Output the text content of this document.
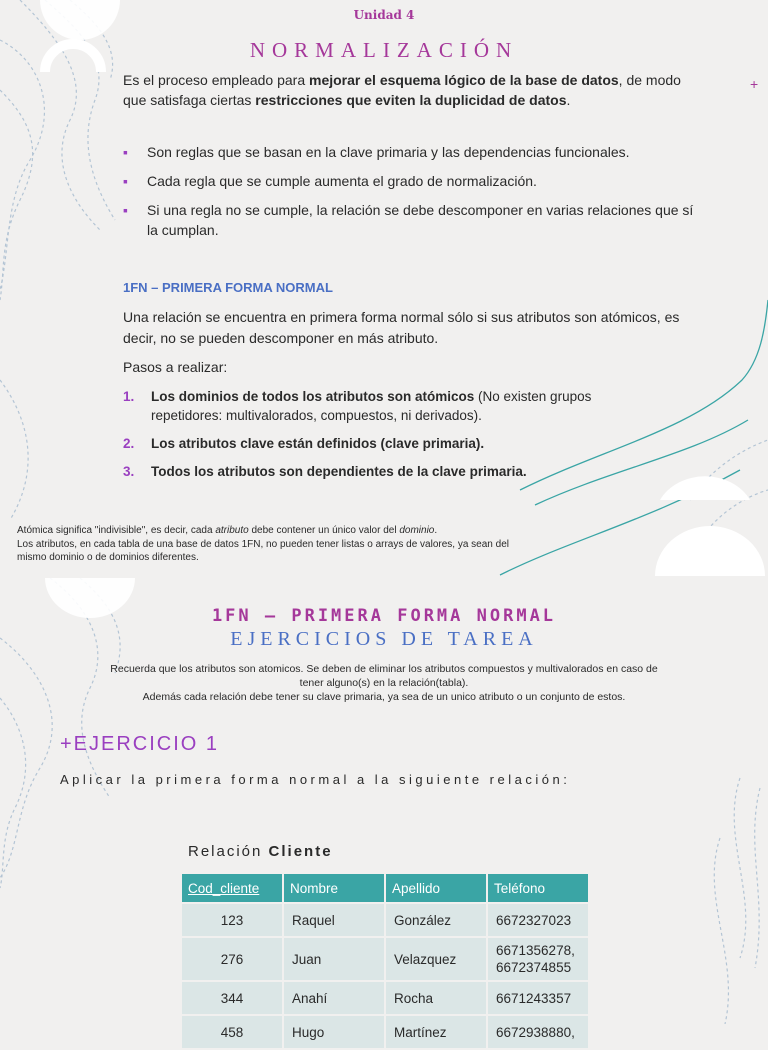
Unidad 4
NORMALIZACIÓN
+
Es el proceso empleado para mejorar el esquema lógico de la base de datos, de modo que satisfaga ciertas restricciones que eviten la duplicidad de datos.
▪ Son reglas que se basan en la clave primaria y las dependencias funcionales.
▪ Cada regla que se cumple aumenta el grado de normalización.
▪ Si una regla no se cumple, la relación se debe descomponer en varias relaciones que sí la cumplan.
1FN – PRIMERA FORMA NORMAL
Una relación se encuentra en primera forma normal sólo si sus atributos son atómicos, es decir, no se pueden descomponer en más atributo.
Pasos a realizar:
1. Los dominios de todos los atributos son atómicos (No existen grupos repetidores: multivalorados, compuestos, ni derivados).
2. Los atributos clave están definidos (clave primaria).
3. Todos los atributos son dependientes de la clave primaria.
Atómica significa "indivisible", es decir, cada atributo debe contener un único valor del dominio.
Los atributos, en cada tabla de una base de datos 1FN, no pueden tener listas o arrays de valores, ya sean del mismo dominio o de dominios diferentes.

1FN – PRIMERA FORMA NORMAL
EJERCICIOS DE TAREA
Recuerda que los atributos son atomicos. Se deben de eliminar los atributos compuestos y multivalorados en caso de tener alguno(s) en la relación(tabla).
Además cada relación debe tener su clave primaria, ya sea de un unico atributo o un conjunto de estos.
+EJERCICIO 1
Aplicar la primera forma normal a la siguiente relación:
Relación Cliente
Cod_cliente	Nombre	Apellido	Teléfono
123	Raquel	González	6672327023
276	Juan	Velazquez	6671356278, 6672374855
344	Anahí	Rocha	6671243357
458	Hugo	Martínez	6672938880,
